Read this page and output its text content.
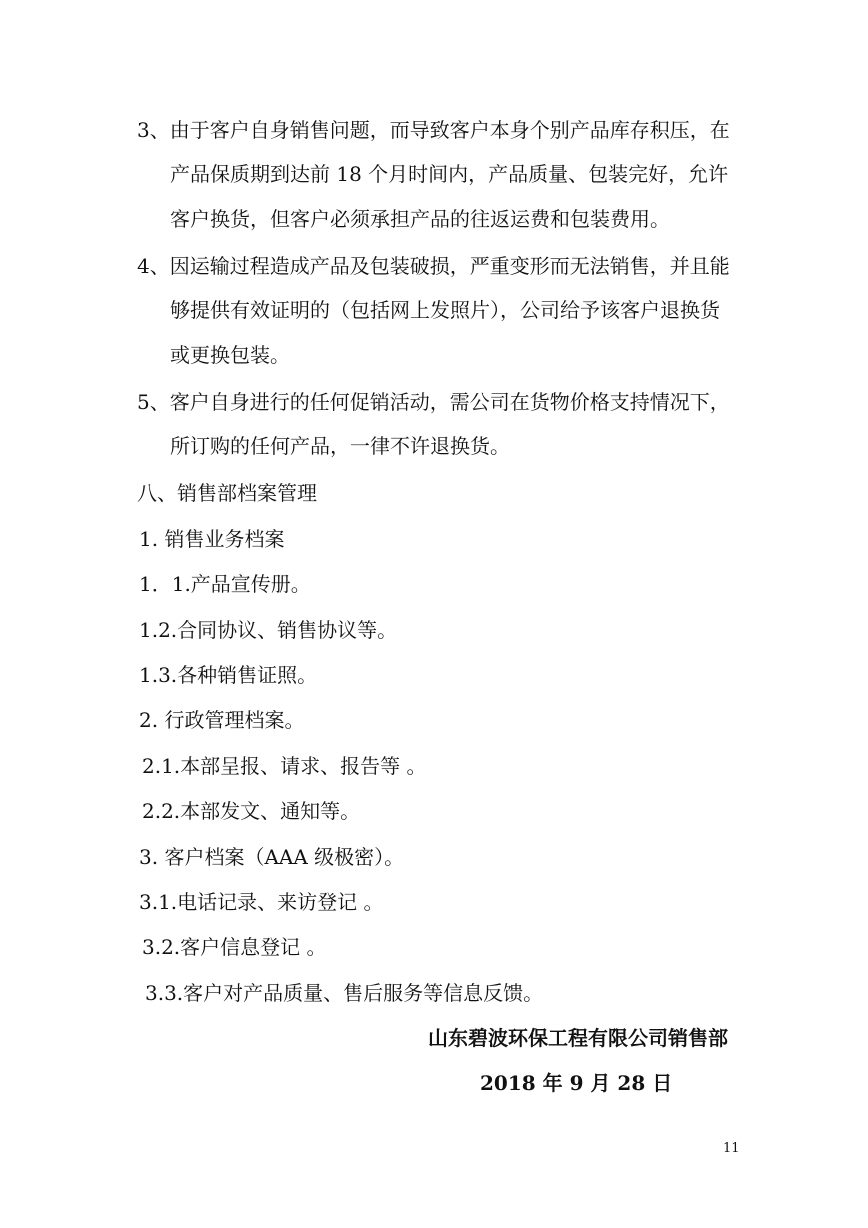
3、由于客户自身销售问题，而导致客户本身个别产品库存积压，在
产品保质期到达前 18 个月时间内，产品质量、包装完好，允许
客户换货，但客户必须承担产品的往返运费和包装费用。
4、因运输过程造成产品及包装破损，严重变形而无法销售，并且能
够提供有效证明的（包括网上发照片），公司给予该客户退换货
或更换包装。
5、客户自身进行的任何促销活动，需公司在货物价格支持情况下，
所订购的任何产品，一律不许退换货。
八、销售部档案管理
1. 销售业务档案
1．1.产品宣传册。
1.2.合同协议、销售协议等。
1.3.各种销售证照。
2. 行政管理档案。
2.1.本部呈报、请求、报告等 。
2.2.本部发文、通知等。
3. 客户档案（AAA 级极密）。
3.1.电话记录、来访登记 。
3.2.客户信息登记 。
3.3.客户对产品质量、售后服务等信息反馈。
山东碧波环保工程有限公司销售部
2018 年 9 月 28 日
11
